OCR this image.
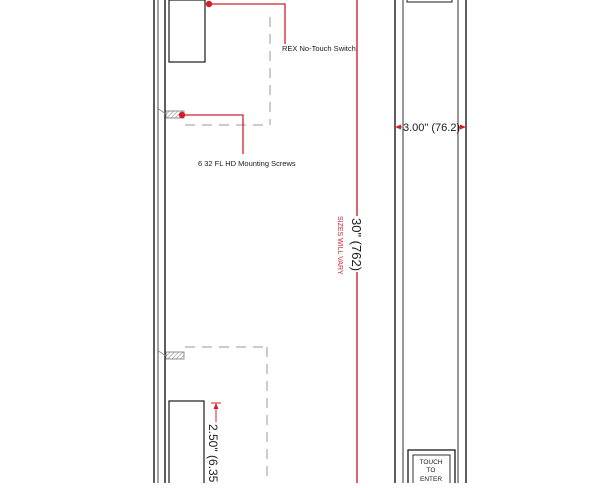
REX No-Touch Switch
6 32 FL HD Mounting Screws
30" (762)
SIZES WILL VARY
3.00" (76.2)
2.50" (6.35)	TOUCH
TO
ENTER
